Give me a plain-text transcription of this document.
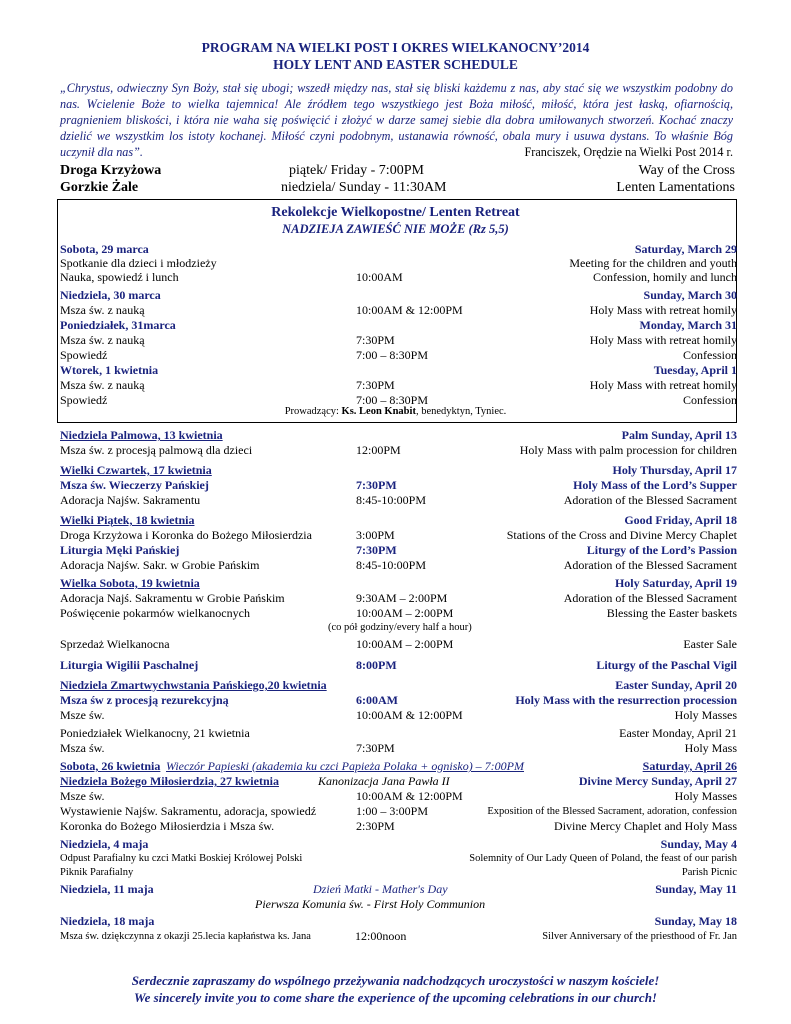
PROGRAM NA WIELKI POST I OKRES WIELKANOCNY’2014
HOLY LENT AND EASTER SCHEDULE
„Chrystus, odwieczny Syn Boży, stał się ubogi; wszedł między nas, stał się bliski każdemu z nas, aby stać się we wszystkim podobny do nas. Wcielenie Boże to wielka tajemnica! Ale źródłem tego wszystkiego jest Boża miłość, miłość, która jest łaską, ofiarnością, pragnieniem bliskości, i która nie waha się poświęcić i złożyć w darze samej siebie dla dobra umiłowanych stworzeń. Kochać znaczy dzielić we wszystkim los istoty kochanej. Miłość czyni podobnym, ustanawia równość, obala mury i usuwa dystans. To właśnie Bóg uczynił dla nas”.	Franciszek, Orędzie na Wielki Post 2014 r.
Droga Krzyżowa	piątek/ Friday - 7:00PM	Way of the Cross
Gorzkie Żale	niedziela/ Sunday - 11:30AM	Lenten Lamentations
Rekolekcje Wielkopostne/ Lenten Retreat
NADZIEJA ZAWIEŚĆ NIE MOŻE (Rz 5,5)
Sobota, 29 marca	Saturday, March 29
Spotkanie dla dzieci i młodzieży	Meeting for the children and youth
Nauka, spowiedź i lunch	10:00AM	Confession, homily and lunch
Niedziela, 30 marca	Sunday, March 30
Msza św. z nauką	10:00AM & 12:00PM	Holy Mass with retreat homily
Poniedziałek, 31marca	Monday, March 31
Msza św. z nauką	7:30PM	Holy Mass with retreat homily
Spowiedź	7:00 – 8:30PM	Confession
Wtorek, 1 kwietnia	Tuesday, April 1
Msza św. z nauką	7:30PM	Holy Mass with retreat homily
Spowiedź	7:00 – 8:30PM	Confession
Prowadzący: Ks. Leon Knabit, benedyktyn, Tyniec.
Niedziela Palmowa, 13 kwietnia	Palm Sunday, April 13
Msza św. z procesją palmową dla dzieci	12:00PM	Holy Mass with palm procession for children
Wielki Czwartek, 17 kwietnia	Holy Thursday, April 17
Msza św. Wieczerzy Pańskiej	7:30PM	Holy Mass of the Lord’s Supper
Adoracja Najśw. Sakramentu	8:45-10:00PM	Adoration of the Blessed Sacrament
Wielki Piątek, 18 kwietnia	Good Friday, April 18
Droga Krzyżowa i Koronka do Bożego Miłosierdzia	3:00PM	Stations of the Cross and Divine Mercy Chaplet
Liturgia Męki Pańskiej	7:30PM	Liturgy of the Lord’s Passion
Adoracja Najśw. Sakr. w Grobie Pańskim	8:45-10:00PM	Adoration of the Blessed Sacrament
Wielka Sobota, 19 kwietnia	Holy Saturday, April 19
Adoracja Najś. Sakramentu w Grobie Pańskim	9:30AM – 2:00PM	Adoration of the Blessed Sacrament
Poświęcenie pokarmów wielkanocnych	10:00AM – 2:00PM	Blessing the Easter baskets
(co pół godziny/every half a hour)
Sprzedaż Wielkanocna	10:00AM – 2:00PM	Easter Sale
Liturgia Wigilii Paschalnej	8:00PM	Liturgy of the Paschal Vigil
Niedziela Zmartwychwstania Pańskiego,20 kwietnia	Easter Sunday, April 20
Msza św z procesją rezurekcyjną	6:00AM	Holy Mass with the resurrection procession
Msze św.	10:00AM & 12:00PM	Holy Masses
Poniedziałek Wielkanocny, 21 kwietnia	Easter Monday, April 21
Msza św.	7:30PM	Holy Mass
Sobota, 26 kwietnia Wieczór Papieski (akademia ku czci Papieża Polaka + ognisko) – 7:00PM	Saturday, April 26
Niedziela Bożego Miłosierdzia, 27 kwietnia	Kanonizacja Jana Pawła II	Divine Mercy Sunday, April 27
Msze św.	10:00AM & 12:00PM	Holy Masses
Wystawienie Najśw. Sakramentu, adoracja, spowiedź	1:00 – 3:00PM	Exposition of the Blessed Sacrament, adoration, confession
Koronka do Bożego Miłosierdzia i Msza św.	2:30PM	Divine Mercy Chaplet and Holy Mass
Niedziela, 4 maja	Sunday, May 4
Odpust Parafialny ku czci Matki Boskiej Królowej Polski	Solemnity of Our Lady Queen of Poland, the feast of our parish
Piknik Parafialny	Parish Picnic
Niedziela, 11 maja	Dzień Matki - Mather's Day	Sunday, May 11
Pierwsza Komunia św. - First Holy Communion
Niedziela, 18 maja	Sunday, May 18
Msza św. dziękczynna z okazji 25.lecia kapłaństwa ks. Jana	12:00noon	Silver Anniversary of the priesthood of Fr. Jan
Serdecznie zapraszamy do wspólnego przeżywania nadchodzących uroczystości w naszym kościele!
We sincerely invite you to come share the experience of the upcoming celebrations in our church!
